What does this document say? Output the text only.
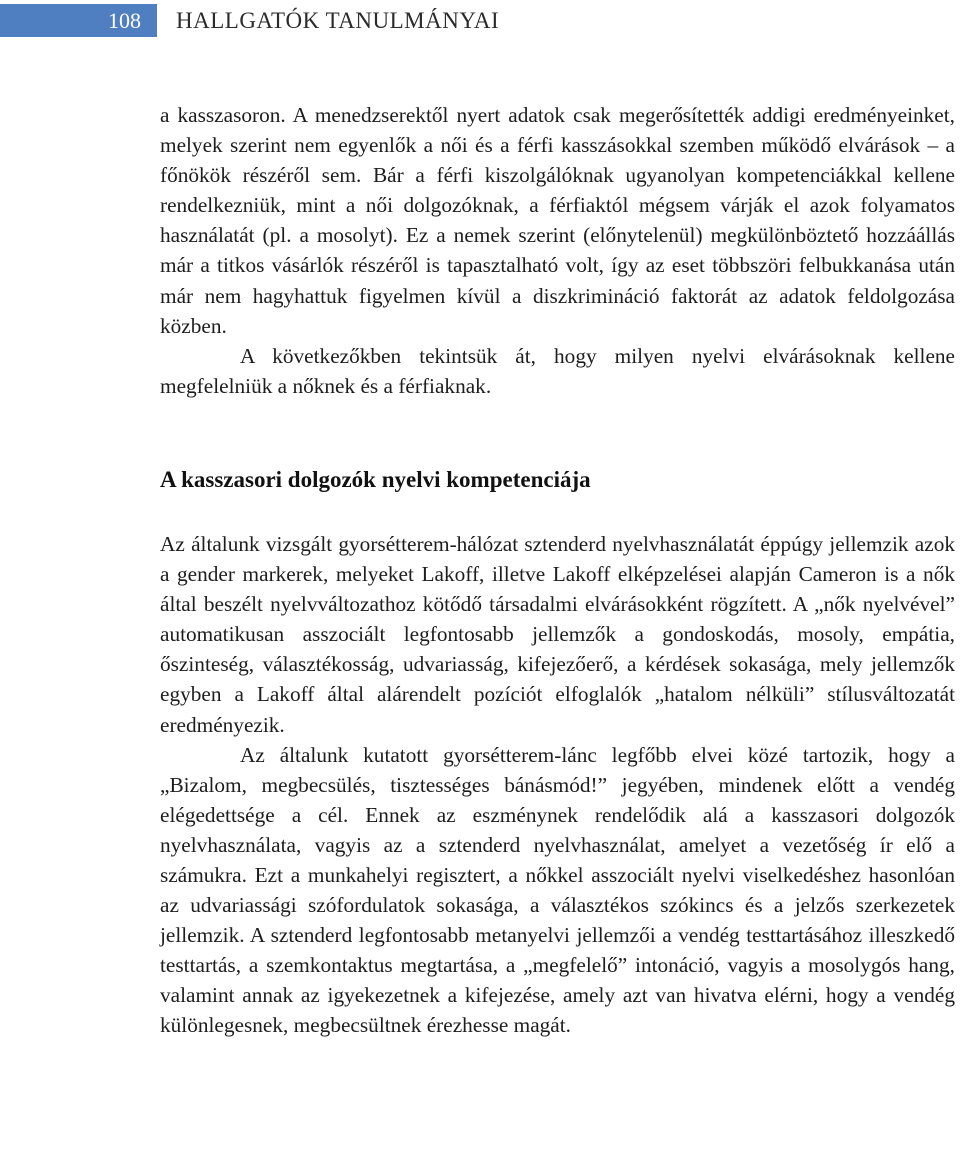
108	HALLGATÓK TANULMÁNYAI

a kasszasoron. A menedzserektől nyert adatok csak megerősítették addigi eredményeinket, melyek szerint nem egyenlők a női és a férfi kasszásokkal szemben működő elvárások – a főnökök részéről sem. Bár a férfi kiszolgálóknak ugyanolyan kompetenciákkal kellene rendelkezniük, mint a női dolgozóknak, a férfiaktól mégsem várják el azok folyamatos használatát (pl. a mosolyt). Ez a nemek szerint (előnytelenül) megkülönböztető hozzáállás már a titkos vásárlók részéről is tapasztalható volt, így az eset többszöri felbukkanása után már nem hagyhattuk figyelmen kívül a diszkrimináció faktorát az adatok feldolgozása közben.

A következőkben tekintsük át, hogy milyen nyelvi elvárásoknak kellene megfelelniük a nőknek és a férfiaknak.

A kasszasori dolgozók nyelvi kompetenciája

Az általunk vizsgált gyorsétterem-hálózat sztenderd nyelvhasználatát éppúgy jellemzik azok a gender markerek, melyeket Lakoff, illetve Lakoff elképzelései alapján Cameron is a nők által beszélt nyelvváltozathoz kötődő társadalmi elvárásokként rögzített. A „nők nyelvével” automatikusan asszociált legfontosabb jellemzők a gondoskodás, mosoly, empátia, őszinteség, választékosság, udvariasság, kifejezőerő, a kérdések sokasága, mely jellemzők egyben a Lakoff által alárendelt pozíciót elfoglalók „hatalom nélküli” stílusváltozatát eredményezik.

Az általunk kutatott gyorsétterem-lánc legfőbb elvei közé tartozik, hogy a „Bizalom, megbecsülés, tisztességes bánásmód!” jegyében, mindenek előtt a vendég elégedettsége a cél. Ennek az eszménynek rendelődik alá a kasszasori dolgozók nyelvhasználata, vagyis az a sztenderd nyelvhasználat, amelyet a vezetőség ír elő a számukra. Ezt a munkahelyi regisztert, a nőkkel asszociált nyelvi viselkedéshez hasonlóan az udvariassági szófordulatok sokasága, a választékos szókincs és a jelzős szerkezetek jellemzik. A sztenderd legfontosabb metanyelvi jellemzői a vendég testtartásához illeszkedő testtartás, a szemkontaktus megtartása, a „megfelelő” intonáció, vagyis a mosolygós hang, valamint annak az igyekezetnek a kifejezése, amely azt van hivatva elérni, hogy a vendég különlegesnek, megbecsültnek érezhesse magát.
